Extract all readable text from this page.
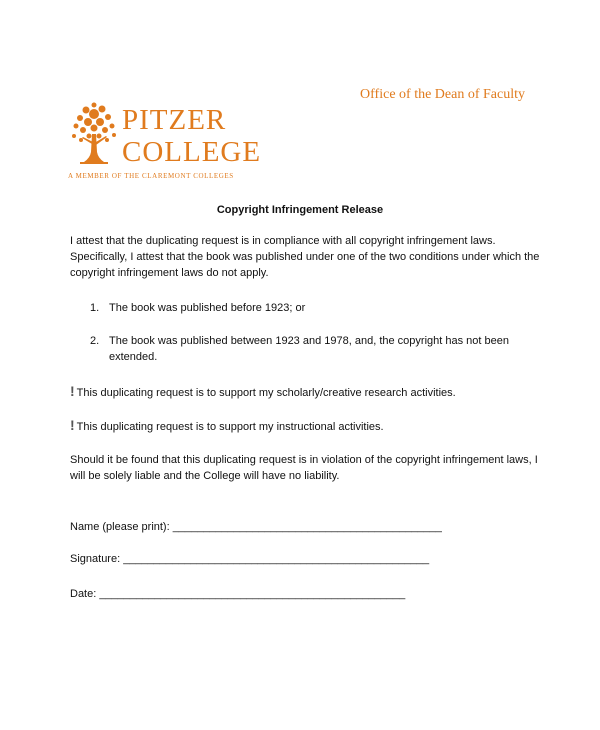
Office of the Dean of Faculty
PITZER
COLLEGE
A MEMBER OF THE CLAREMONT COLLEGES
Copyright Infringement Release
I attest that the duplicating request is in compliance with all copyright infringement laws.
Specifically, I attest that the book was published under one of the two conditions under which the
copyright infringement laws do not apply.
1. The book was published before 1923; or
2. The book was published between 1923 and 1978, and, the copyright has not been
extended.
! This duplicating request is to support my scholarly/creative research activities.
! This duplicating request is to support my instructional activities.
Should it be found that this duplicating request is in violation of the copyright infringement laws, I
will be solely liable and the College will have no liability.
Name (please print): ____________________________________________
Signature: __________________________________________________
Date: __________________________________________________
